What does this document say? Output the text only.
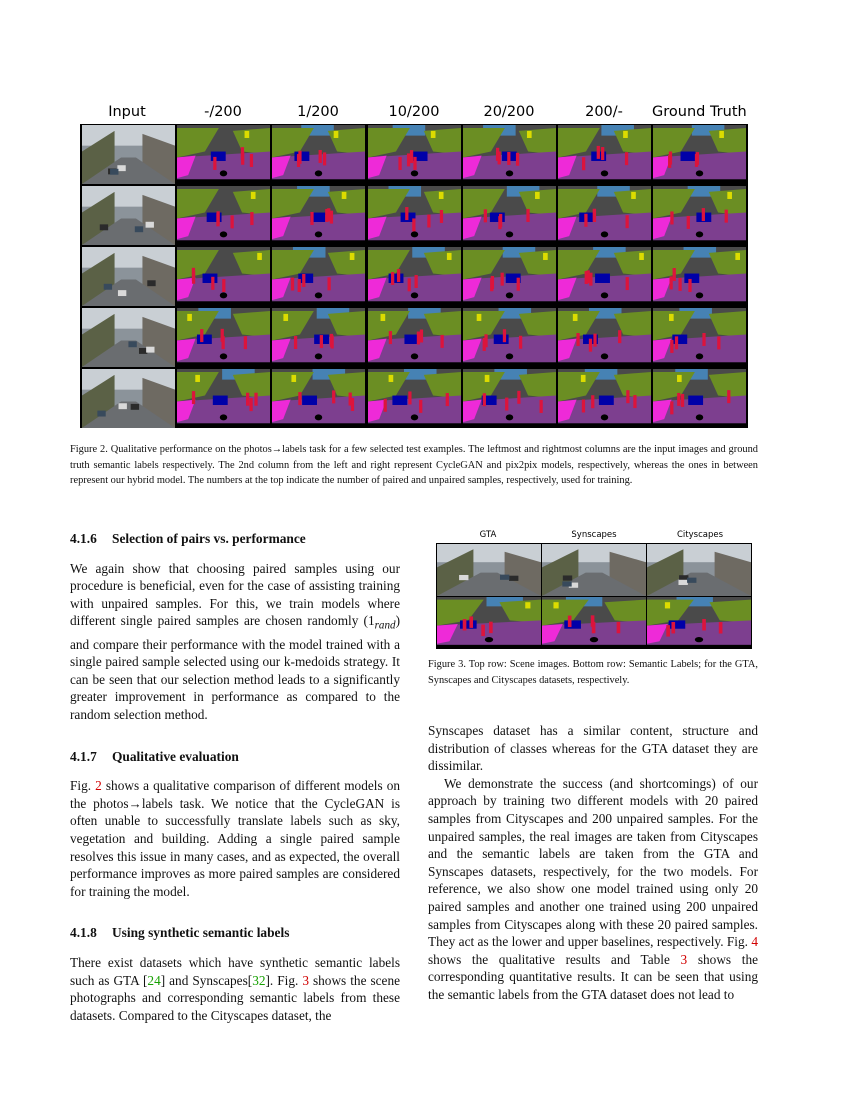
Input	-/200	1/200	10/200	20/200	200/-	Ground Truth
Figure 2. Qualitative performance on the photos→labels task for a few selected test examples. The leftmost and rightmost columns are the input images and ground truth semantic labels respectively. The 2nd column from the left and right represent CycleGAN and pix2pix models, respectively, whereas the ones in between represent our hybrid model. The numbers at the top indicate the number of paired and unpaired samples, respectively, used for training.
4.1.6 Selection of pairs vs. performance

We again show that choosing paired samples using our procedure is beneficial, even for the case of assisting training with unpaired samples. For this, we train models where different single paired samples are chosen randomly $(1_{rand})$ and compare their performance with the model trained with a single paired sample selected using our k-medoids strategy. It can be seen that our selection method leads to a significantly greater improvement in performance as compared to the random selection method.

4.1.7 Qualitative evaluation

Fig. 2 shows a qualitative comparison of different models on the photos→labels task. We notice that the CycleGAN is often unable to successfully translate labels such as sky, vegetation and building. Adding a single paired sample resolves this issue in many cases, and as expected, the overall performance improves as more paired samples are considered for training the model.

4.1.8 Using synthetic semantic labels

There exist datasets which have synthetic semantic labels such as GTA [24] and Synscapes[32]. Fig. 3 shows the scene photographs and corresponding semantic labels from these datasets. Compared to the Cityscapes dataset, the

GTA	Synscapes	Cityscapes
Figure 3. Top row: Scene images. Bottom row: Semantic Labels; for the GTA, Synscapes and Cityscapes datasets, respectively.

Synscapes dataset has a similar content, structure and distribution of classes whereas for the GTA dataset they are dissimilar.

We demonstrate the success (and shortcomings) of our approach by training two different models with 20 paired samples from Cityscapes and 200 unpaired samples. For the unpaired samples, the real images are taken from Cityscapes and the semantic labels are taken from the GTA and Synscapes datasets, respectively, for the two models. For reference, we also show one model trained using only 20 paired samples and another one trained using 200 unpaired samples from Cityscapes along with these 20 paired samples. They act as the lower and upper baselines, respectively. Fig. 4 shows the qualitative results and Table 3 shows the corresponding quantitative results. It can be seen that using the semantic labels from the GTA dataset does not lead to
